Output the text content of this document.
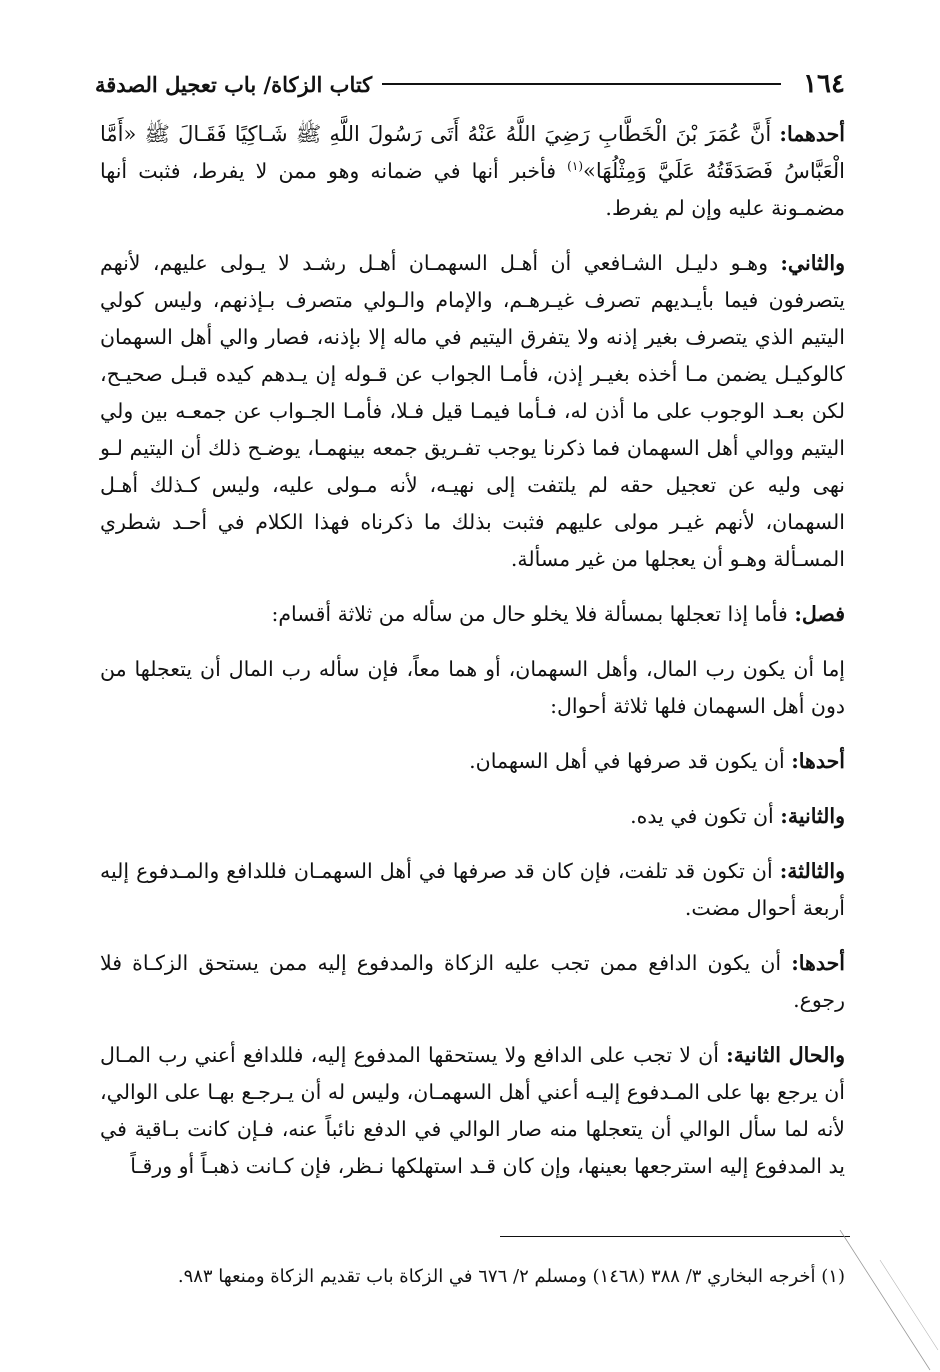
١٦٤
كتاب الزكاة/ باب تعجيل الصدقة

أحدهما: أَنَّ عُمَرَ بْنَ الْخَطَّابِ رَضِيَ اللَّهُ عَنْهُ أَتَى رَسُولَ اللَّهِ ﷺ شَـاكِيًا فَقَـالَ ﷺ «أَمَّا الْعَبَّاسُ فَصَدَقَتُهُ عَلَيَّ وَمِثْلُهَا»$^{(١)}$ فأخبر أنها في ضمانه وهو ممن لا يفرط، فثبت أنها مضمـونة عليه وإن لم يفرط.

والثاني: وهـو دليـل الشـافعي أن أهـل السهمـان أهـل رشـد لا يـولى عليهم، لأنهم يتصرفون فيما بأيـديهم تصرف غيـرهـم، والإمام والـولي متصرف بـإذنهم، وليس كولي اليتيم الذي يتصرف بغير إذنه ولا يتفرق اليتيم في ماله إلا بإذنه، فصار والي أهل السهمان كالوكيـل يضمن مـا أخذه بغيـر إذن، فأمـا الجواب عن قـوله إن يـدهم كيده قبـل صحيـح، لكن بعـد الوجوب على ما أذن له، فـأما فيمـا قيل فـلا، فأمـا الجـواب عن جمعـه بين ولي اليتيم ووالي أهل السهمان فما ذكرنا يوجب تفـريق جمعه بينهمـا، يوضـح ذلك أن اليتيم لـو نهى وليه عن تعجيل حقه لم يلتفت إلى نهيـه، لأنه مـولى عليه، وليس كـذلك أهـل السهمان، لأنهم غيـر مولى عليهم فثبت بذلك ما ذكرناه فهذا الكلام في أحـد شطري المسـألة وهـو أن يعجلها من غير مسألة.

فصل: فأما إذا تعجلها بمسألة فلا يخلو حال من سأله من ثلاثة أقسام:

إما أن يكون رب المال، وأهل السهمان، أو هما معاً، فإن سأله رب المال أن يتعجلها من دون أهل السهمان فلها ثلاثة أحوال:

أحدها: أن يكون قد صرفها في أهل السهمان.

والثانية: أن تكون في يده.

والثالثة: أن تكون قد تلفت، فإن كان قد صرفها في أهل السهمـان فللدافع والمـدفوع إليه أربعة أحوال مضت.

أحدها: أن يكون الدافع ممن تجب عليه الزكاة والمدفوع إليه ممن يستحق الزكـاة فلا رجوع.

والحال الثانية: أن لا تجب على الدافع ولا يستحقها المدفوع إليه، فللدافع أعني رب المـال أن يرجع بها على المـدفوع إليـه أعني أهل السهمـان، وليس له أن يـرجـع بهـا على الوالي، لأنه لما سأل الوالي أن يتعجلها منه صار الوالي في الدفع نائباً عنه، فـإن كانت بـاقية في يد المدفوع إليه استرجعها بعينها، وإن كان قـد استهلكها نـظر، فإن كـانت ذهبـاً أو ورقـاً

(١) أخرجه البخاري ٣/ ٣٨٨ (١٤٦٨) ومسلم ٢/ ٦٧٦ في الزكاة باب تقديم الزكاة ومنعها ٩٨٣.
